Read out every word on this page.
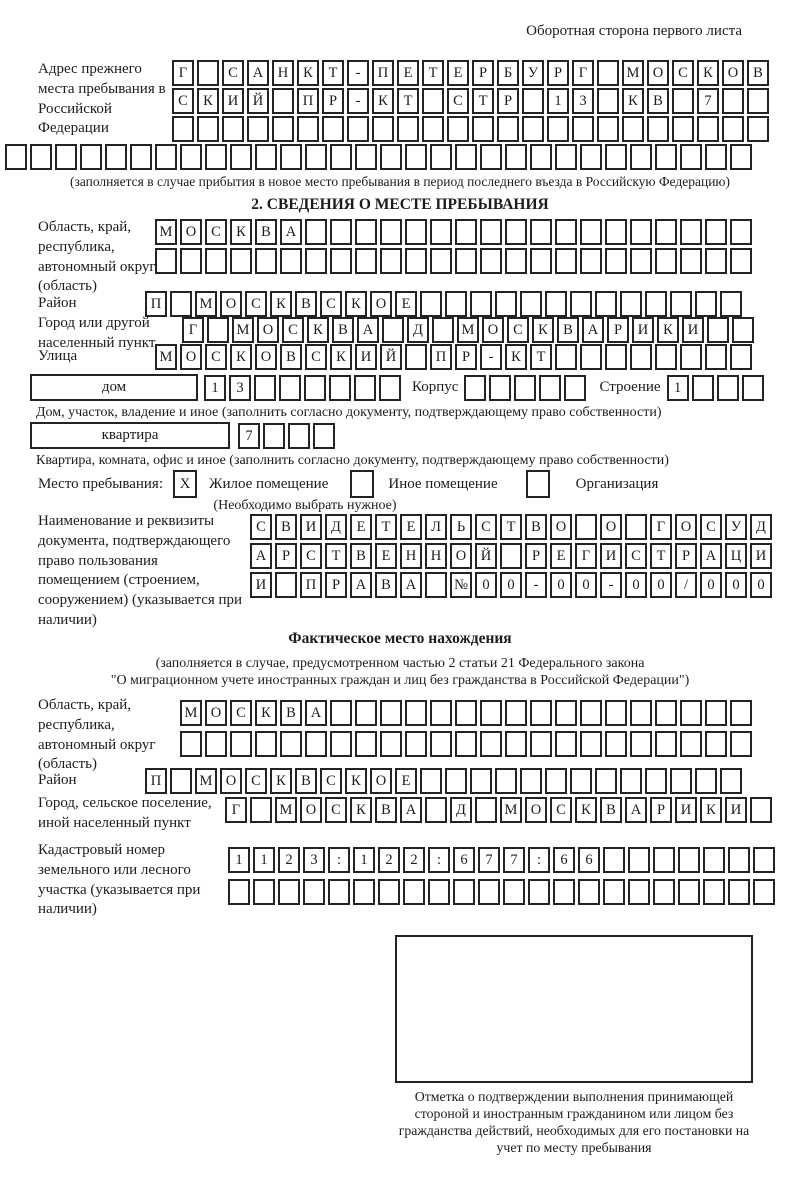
Оборотная сторона первого листа
Адрес прежнего места пребывания в Российской Федерации
Г	С	А	Н	К	Т	-	П	Е	Т	Е	Р	Б	У	Р	Г	М О	С	К	О	В
С	К	И	Й	П	Р	-	К	Т	С	Т	Р	1	3	К	В	7
(заполняется в случае прибытия в новое место пребывания в период последнего въезда в Российскую Федерацию)
2. СВЕДЕНИЯ О МЕСТЕ ПРЕБЫВАНИЯ
Область, край, республика, автономный округ (область)
М О	С	К	В	А
Район	П	М О	С	К	В	С	К	О	Е
Город или другой населенный пункт
Г	М О	С	К	В	А	Д	М О	С	К	В	А	Р	И	К	И
Улица	М О	С	К	О	В	С	К	И	Й	П	Р	-	К	Т
дом	1	3	Корпус	Строение 1
Дом, участок, владение и иное (заполнить согласно документу, подтверждающему право собственности)
квартира	7
Квартира, комната, офис и иное (заполнить согласно документу, подтверждающему право собственности)
Место пребывания:	X	Жилое помещение	Иное помещение	Организация
(Необходимо выбрать нужное)
Наименование и реквизиты документа, подтверждающего право пользования помещением (строением, сооружением) (указывается при наличии)
С	В	И	Д	Е	Т	Е	Л	Ь	С	Т	В	О	О	Г	О	С	У	Д
А	Р	С	Т	В	Е	Н	Н	О	Й	Р	Е	Г	И	С	Т	Р	А	Ц	И
И	П	Р	А	В	А	№ 0	0	-	0	0	-	0	0	/	0	0	0
Фактическое место нахождения
(заполняется в случае, предусмотренном частью 2 статьи 21 Федерального закона
"О миграционном учете иностранных граждан и лиц без гражданства в Российской Федерации")
Область, край, республика, автономный округ (область)
М О	С	К	В	А
Район	П	М О	С	К	В	С	К	О	Е
Город, сельское поселение, иной населенный пункт
Г	М О	С	К	В	А	Д	М О	С	К	В	А	Р	И	К	И
Кадастровый номер земельного или лесного участка (указывается при наличии)
1	1	2	3	:	1	2	2	:	6	7	7	:	6	6
Отметка о подтверждении выполнения принимающей стороной и иностранным гражданином или лицом без гражданства действий, необходимых для его постановки на учет по месту пребывания
